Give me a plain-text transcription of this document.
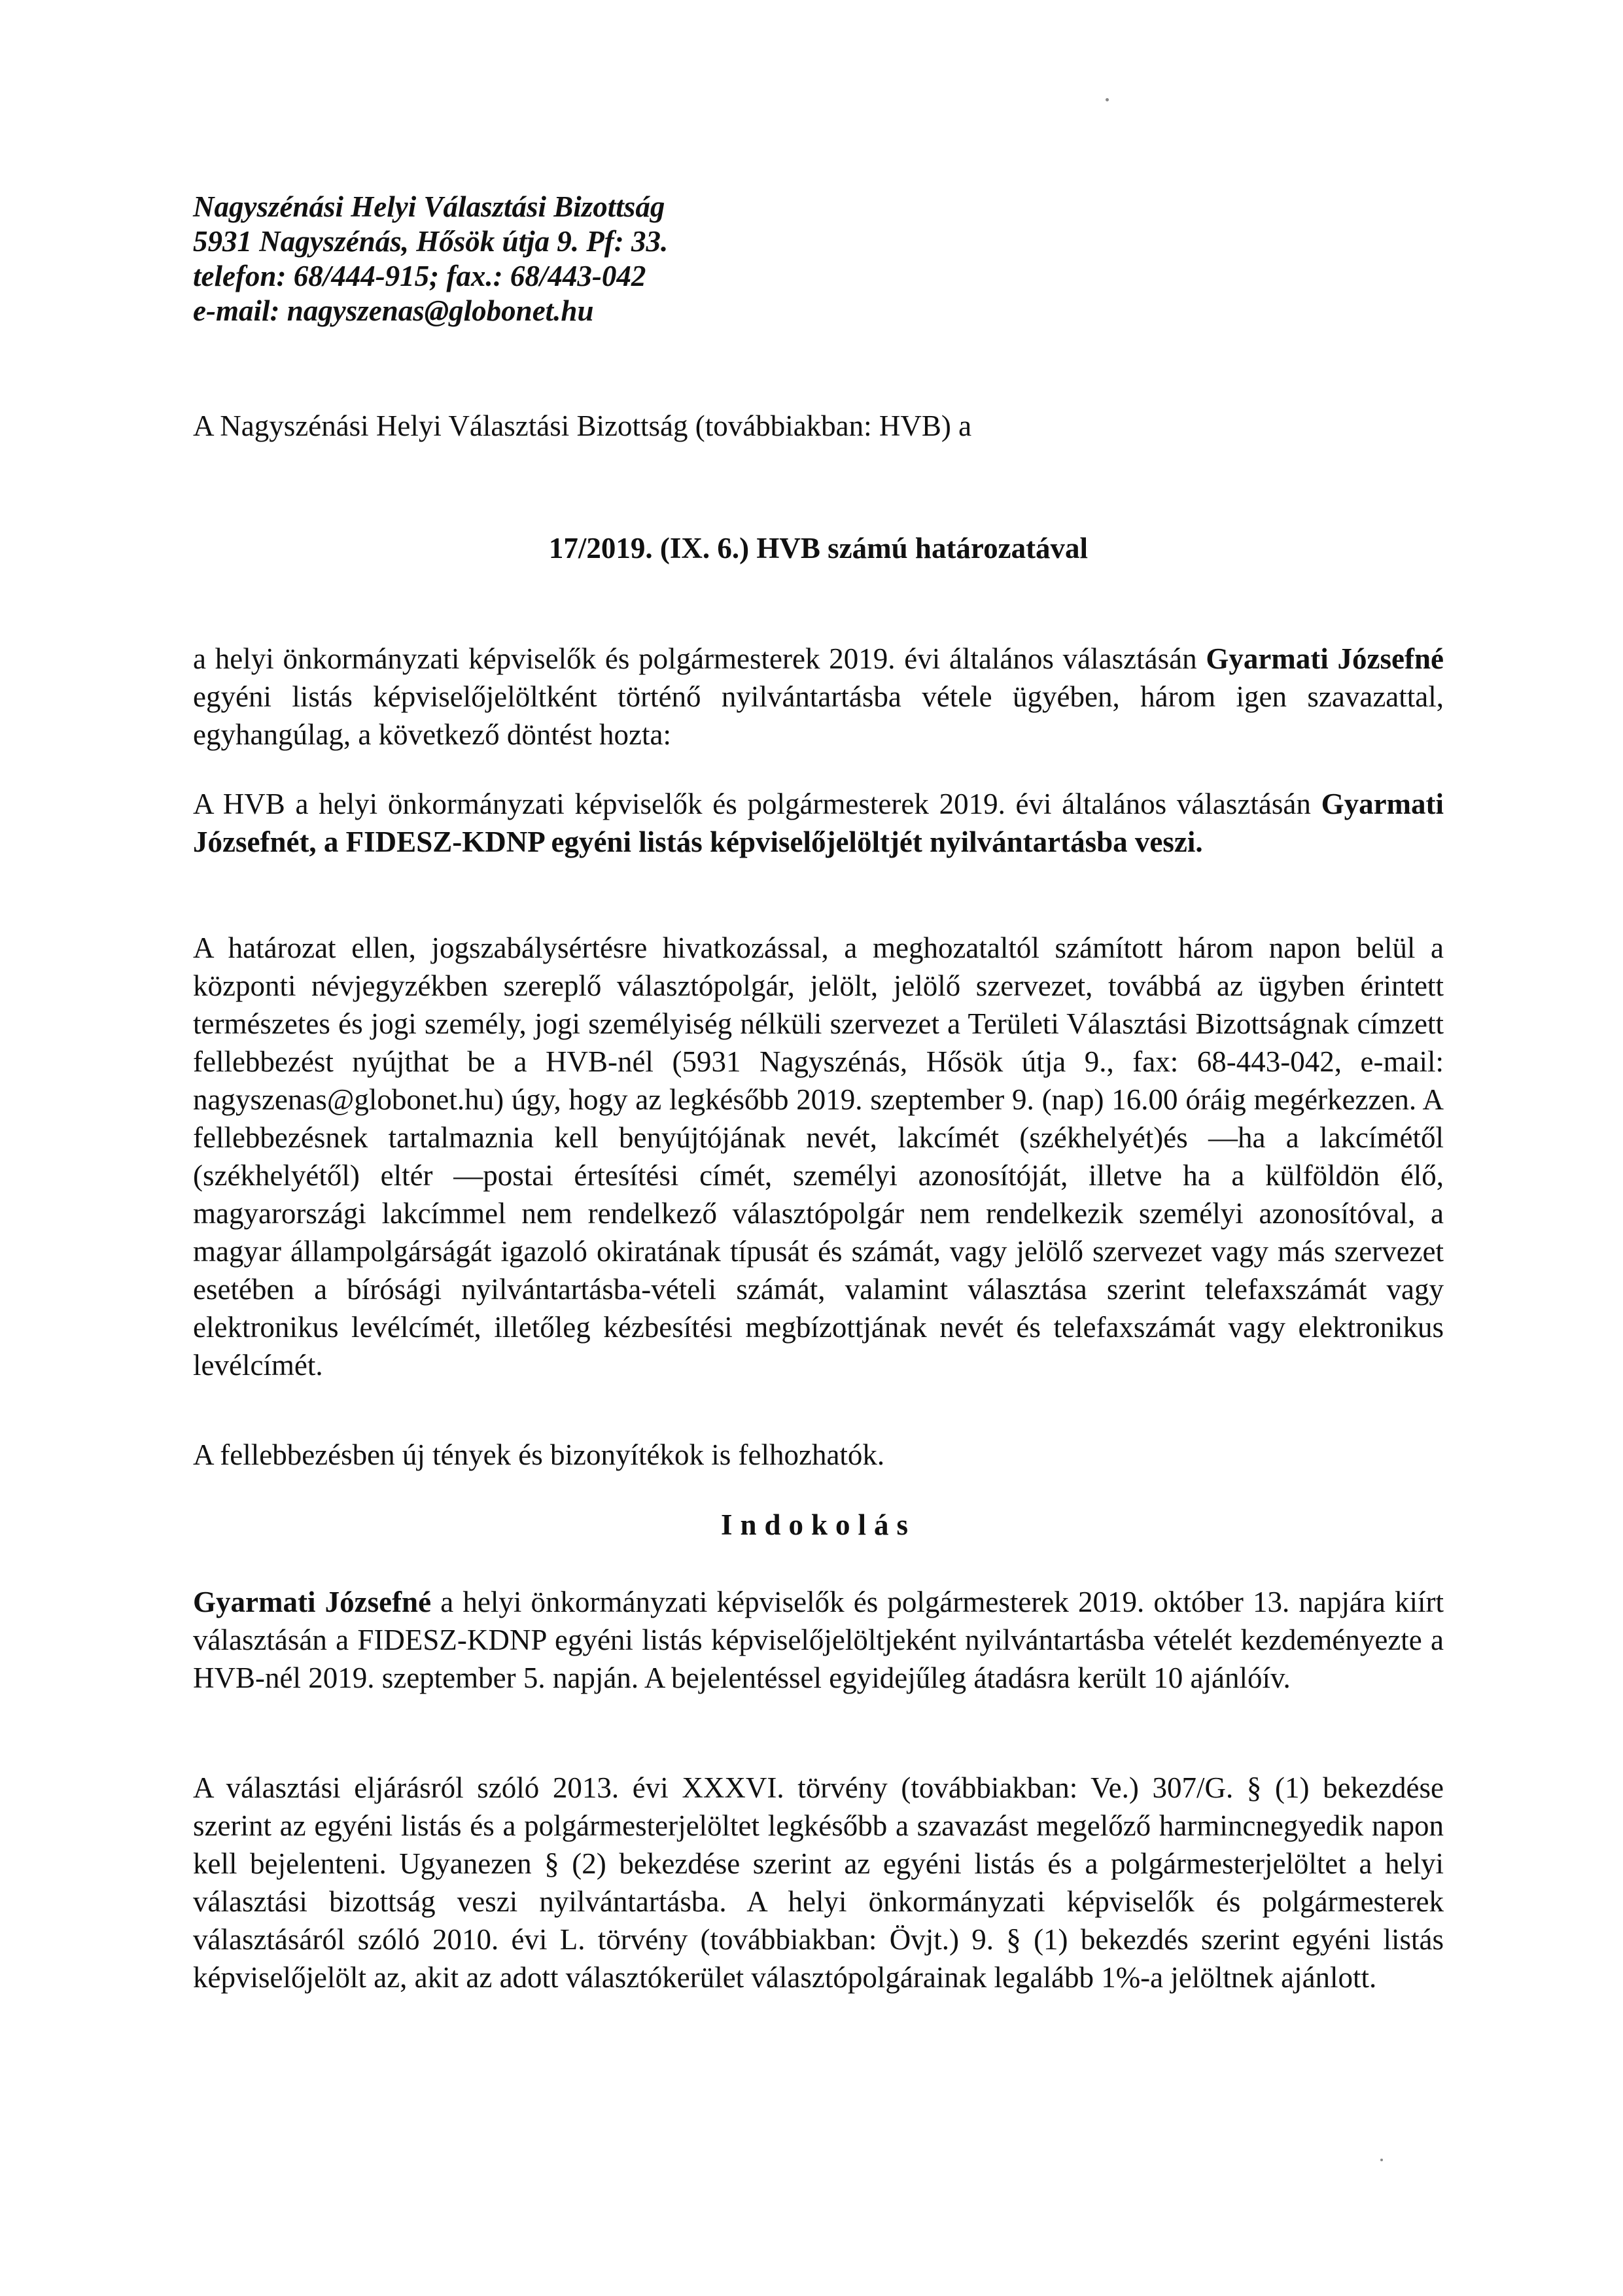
Nagyszénási Helyi Választási Bizottság
5931 Nagyszénás, Hősök útja 9. Pf: 33.
telefon: 68/444-915; fax.: 68/443-042
e-mail: nagyszenas@globonet.hu
A Nagyszénási Helyi Választási Bizottság (továbbiakban: HVB) a
17/2019. (IX. 6.) HVB számú határozatával
a helyi önkormányzati képviselők és polgármesterek 2019. évi általános választásán Gyarmati Józsefné egyéni listás képviselőjelöltként történő nyilvántartásba vétele ügyében, három igen szavazattal, egyhangúlag, a következő döntést hozta:
A HVB a helyi önkormányzati képviselők és polgármesterek 2019. évi általános választásán Gyarmati Józsefnét, a FIDESZ-KDNP egyéni listás képviselőjelöltjét nyilvántartásba veszi.
A határozat ellen, jogszabálysértésre hivatkozással, a meghozataltól számított három napon belül a központi névjegyzékben szereplő választópolgár, jelölt, jelölő szervezet, továbbá az ügyben érintett természetes és jogi személy, jogi személyiség nélküli szervezet a Területi Választási Bizottságnak címzett fellebbezést nyújthat be a HVB-nél (5931 Nagyszénás, Hősök útja 9., fax: 68-443-042, e-mail: nagyszenas@globonet.hu) úgy, hogy az legkésőbb 2019. szeptember 9. (nap) 16.00 óráig megérkezzen. A fellebbezésnek tartalmaznia kell benyújtójának nevét, lakcímét (székhelyét)és —ha a lakcímétől (székhelyétől) eltér —postai értesítési címét, személyi azonosítóját, illetve ha a külföldön élő, magyarországi lakcímmel nem rendelkező választópolgár nem rendelkezik személyi azonosítóval, a magyar állampolgárságát igazoló okiratának típusát és számát, vagy jelölő szervezet vagy más szervezet esetében a bírósági nyilvántartásba-vételi számát, valamint választása szerint telefaxszámát vagy elektronikus levélcímét, illetőleg kézbesítési megbízottjának nevét és telefaxszámát vagy elektronikus levélcímét.
A fellebbezésben új tények és bizonyítékok is felhozhatók.
Indokolás
Gyarmati Józsefné a helyi önkormányzati képviselők és polgármesterek 2019. október 13. napjára kiírt választásán a FIDESZ-KDNP egyéni listás képviselőjelöltjeként nyilvántartásba vételét kezdeményezte a HVB-nél 2019. szeptember 5. napján. A bejelentéssel egyidejűleg átadásra került 10 ajánlóív.
A választási eljárásról szóló 2013. évi XXXVI. törvény (továbbiakban: Ve.) 307/G. § (1) bekezdése szerint az egyéni listás és a polgármesterjelöltet legkésőbb a szavazást megelőző harmincnegyedik napon kell bejelenteni. Ugyanezen § (2) bekezdése szerint az egyéni listás és a polgármesterjelöltet a helyi választási bizottság veszi nyilvántartásba. A helyi önkormányzati képviselők és polgármesterek választásáról szóló 2010. évi L. törvény (továbbiakban: Övjt.) 9. § (1) bekezdés szerint egyéni listás képviselőjelölt az, akit az adott választókerület választópolgárainak legalább 1%-a jelöltnek ajánlott.
